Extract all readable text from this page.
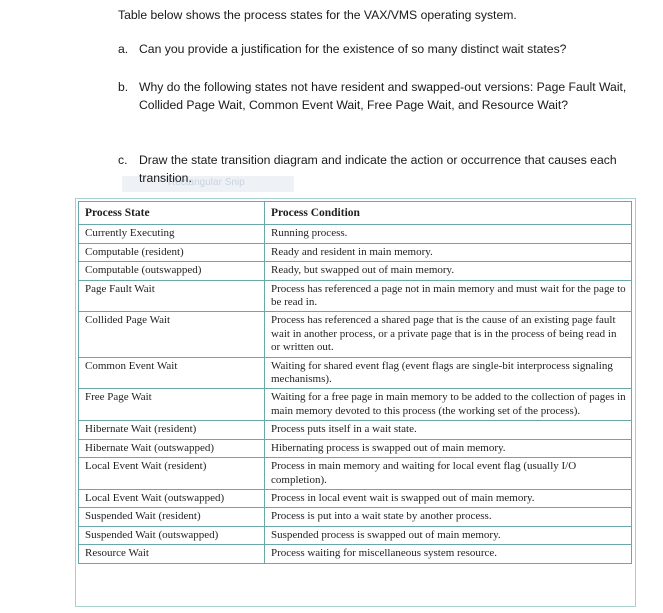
Table below shows the process states for the VAX/VMS operating system.
a. Can you provide a justification for the existence of so many distinct wait states?
b. Why do the following states not have resident and swapped-out versions: Page Fault Wait, Collided Page Wait, Common Event Wait, Free Page Wait, and Resource Wait?
Rectangular Snip
c. Draw the state transition diagram and indicate the action or occurrence that causes each transition.
Process State	Process Condition
Currently Executing	Running process.
Computable (resident)	Ready and resident in main memory.
Computable (outswapped)	Ready, but swapped out of main memory.
Page Fault Wait	Process has referenced a page not in main memory and must wait for the page to be read in.
Collided Page Wait	Process has referenced a shared page that is the cause of an existing page fault wait in another process, or a private page that is in the process of being read in or written out.
Common Event Wait	Waiting for shared event flag (event flags are single-bit interprocess signaling mechanisms).
Free Page Wait	Waiting for a free page in main memory to be added to the collection of pages in main memory devoted to this process (the working set of the process).
Hibernate Wait (resident)	Process puts itself in a wait state.
Hibernate Wait (outswapped)	Hibernating process is swapped out of main memory.
Local Event Wait (resident)	Process in main memory and waiting for local event flag (usually I/O completion).
Local Event Wait (outswapped)	Process in local event wait is swapped out of main memory.
Suspended Wait (resident)	Process is put into a wait state by another process.
Suspended Wait (outswapped)	Suspended process is swapped out of main memory.
Resource Wait	Process waiting for miscellaneous system resource.
